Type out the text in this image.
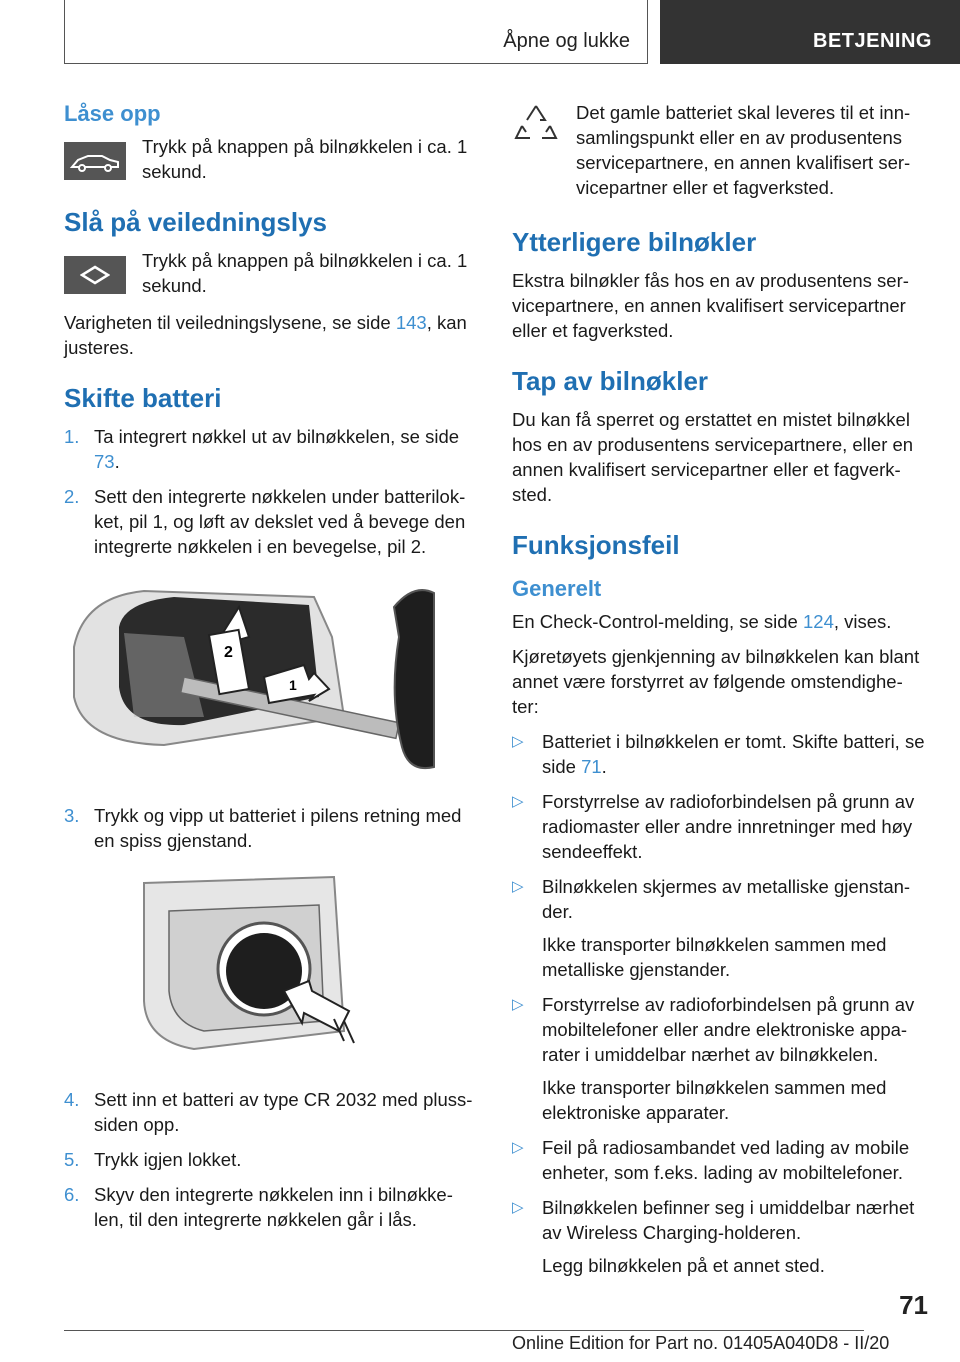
Åpne og lukke	BETJENING
Låse opp
Trykk på knappen på bilnøkkelen i ca. 1 sekund.
Slå på veiledningslys
Trykk på knappen på bilnøkkelen i ca. 1 sekund.

Varigheten til veiledningslysene, se side 143, kan justeres.

Skifte batteri
1. Ta integrert nøkkel ut av bilnøkkelen, se side 73.
2. Sett den integrerte nøkkelen under batterilok-ket, pil 1, og løft av dekslet ved å bevege den integrerte nøkkelen i en bevegelse, pil 2.
2
1
3. Trykk og vipp ut batteriet i pilens retning med en spiss gjenstand.
4. Sett inn et batteri av type CR 2032 med pluss-siden opp.
5. Trykk igjen lokket.
6. Skyv den integrerte nøkkelen inn i bilnøkke-len, til den integrerte nøkkelen går i lås.
Det gamle batteriet skal leveres til et inn-samlingspunkt eller en av produsentens servicepartnere, en annen kvalifisert ser-vicepartner eller et fagverksted.
Ytterligere bilnøkler

Ekstra bilnøkler fås hos en av produsentens ser-vicepartnere, en annen kvalifisert servicepartner eller et fagverksted.

Tap av bilnøkler

Du kan få sperret og erstattet en mistet bilnøkkel hos en av produsentens servicepartnere, eller en annen kvalifisert servicepartner eller et fagverk-sted.

Funksjonsfeil
Generelt

En Check-Control-melding, se side 124, vises.

Kjøretøyets gjenkjenning av bilnøkkelen kan blant annet være forstyrret av følgende omstendighe-ter:

▷ Batteriet i bilnøkkelen er tomt. Skifte batteri, se side 71.
▷ Forstyrrelse av radioforbindelsen på grunn av radiomaster eller andre innretninger med høy sendeeffekt.
▷ Bilnøkkelen skjermes av metalliske gjenstan-der.
Ikke transporter bilnøkkelen sammen med metalliske gjenstander.
▷ Forstyrrelse av radioforbindelsen på grunn av mobiltelefoner eller andre elektroniske appa-rater i umiddelbar nærhet av bilnøkkelen.
Ikke transporter bilnøkkelen sammen med elektroniske apparater.
▷ Feil på radiosambandet ved lading av mobile enheter, som f.eks. lading av mobiltelefoner.
▷ Bilnøkkelen befinner seg i umiddelbar nærhet av Wireless Charging-holderen.
Legg bilnøkkelen på et annet sted.
71
Online Edition for Part no. 01405A040D8 - II/20
